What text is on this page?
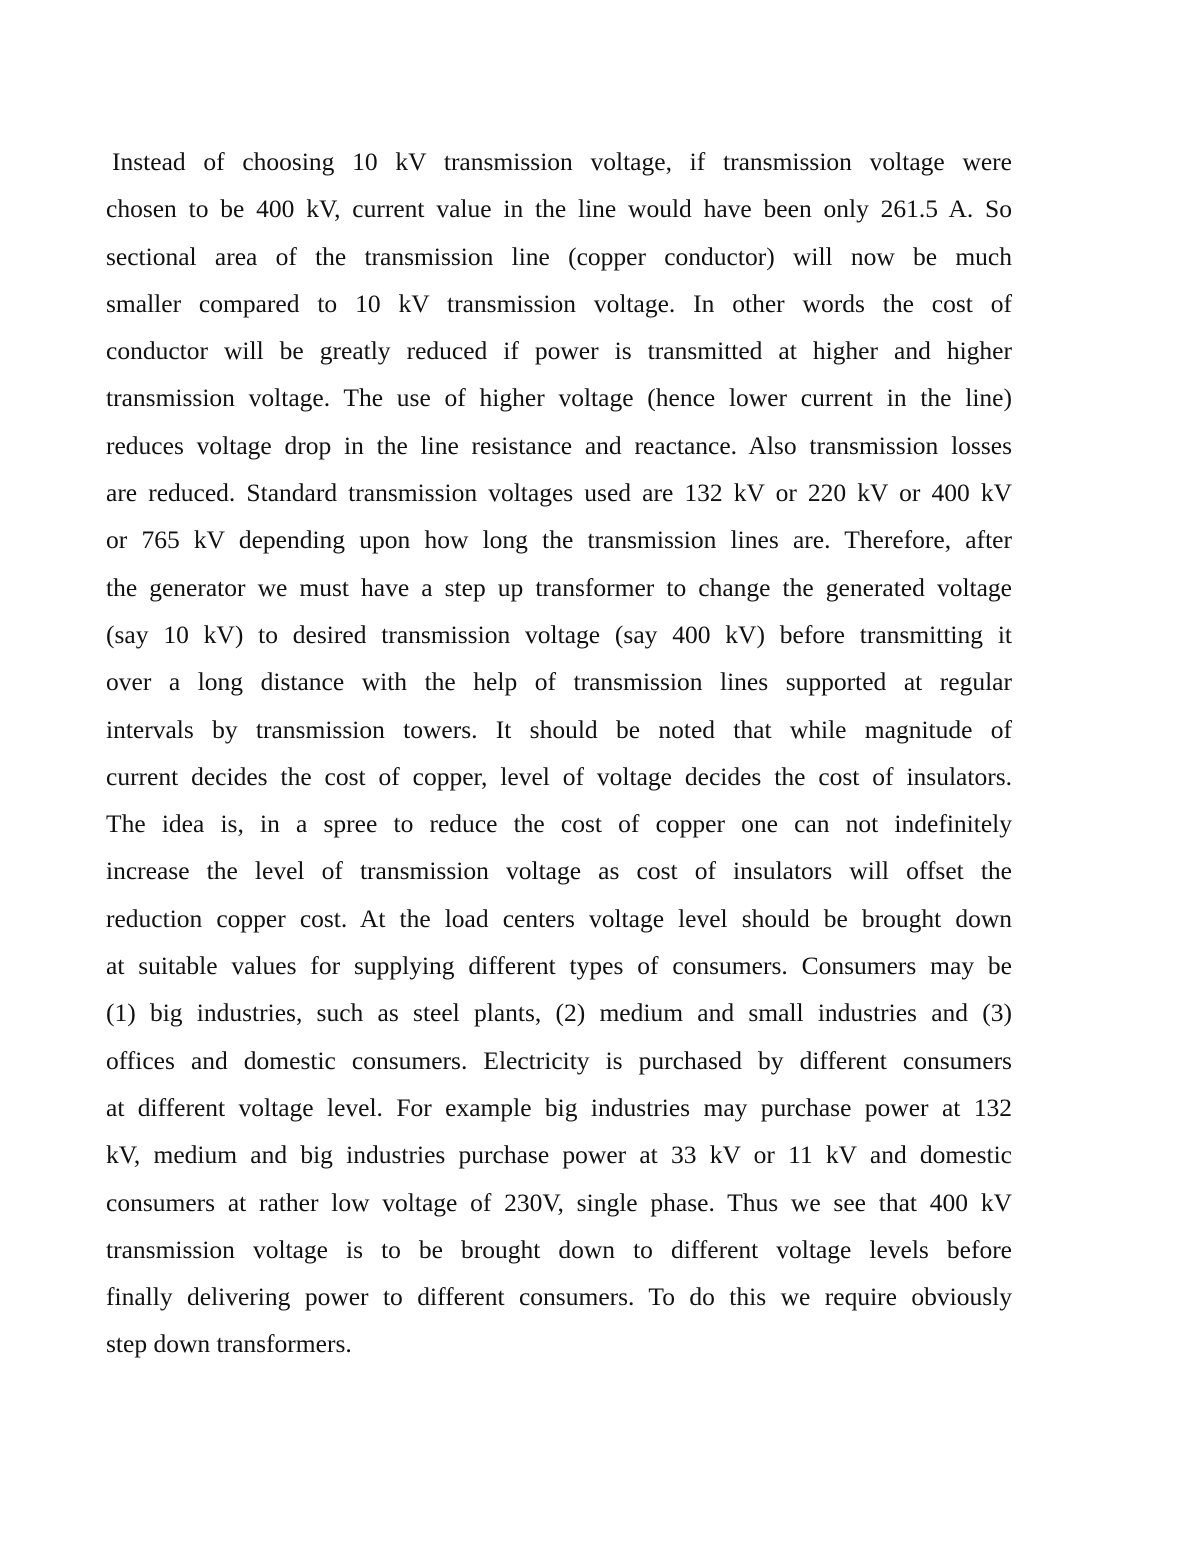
Instead of choosing 10 kV transmission voltage, if transmission voltage were
chosen to be 400 kV, current value in the line would have been only 261.5 A. So
sectional area of the transmission line (copper conductor) will now be much
smaller compared to 10 kV transmission voltage. In other words the cost of
conductor will be greatly reduced if power is transmitted at higher and higher
transmission voltage. The use of higher voltage (hence lower current in the line)
reduces voltage drop in the line resistance and reactance. Also transmission losses
are reduced. Standard transmission voltages used are 132 kV or 220 kV or 400 kV
or 765 kV depending upon how long the transmission lines are. Therefore, after
the generator we must have a step up transformer to change the generated voltage
(say 10 kV) to desired transmission voltage (say 400 kV) before transmitting it
over a long distance with the help of transmission lines supported at regular
intervals by transmission towers. It should be noted that while magnitude of
current decides the cost of copper, level of voltage decides the cost of insulators.
The idea is, in a spree to reduce the cost of copper one can not indefinitely
increase the level of transmission voltage as cost of insulators will offset the
reduction copper cost. At the load centers voltage level should be brought down
at suitable values for supplying different types of consumers. Consumers may be
(1) big industries, such as steel plants, (2) medium and small industries and (3)
offices and domestic consumers. Electricity is purchased by different consumers
at different voltage level. For example big industries may purchase power at 132
kV, medium and big industries purchase power at 33 kV or 11 kV and domestic
consumers at rather low voltage of 230V, single phase. Thus we see that 400 kV
transmission voltage is to be brought down to different voltage levels before
finally delivering power to different consumers. To do this we require obviously
step down transformers.
